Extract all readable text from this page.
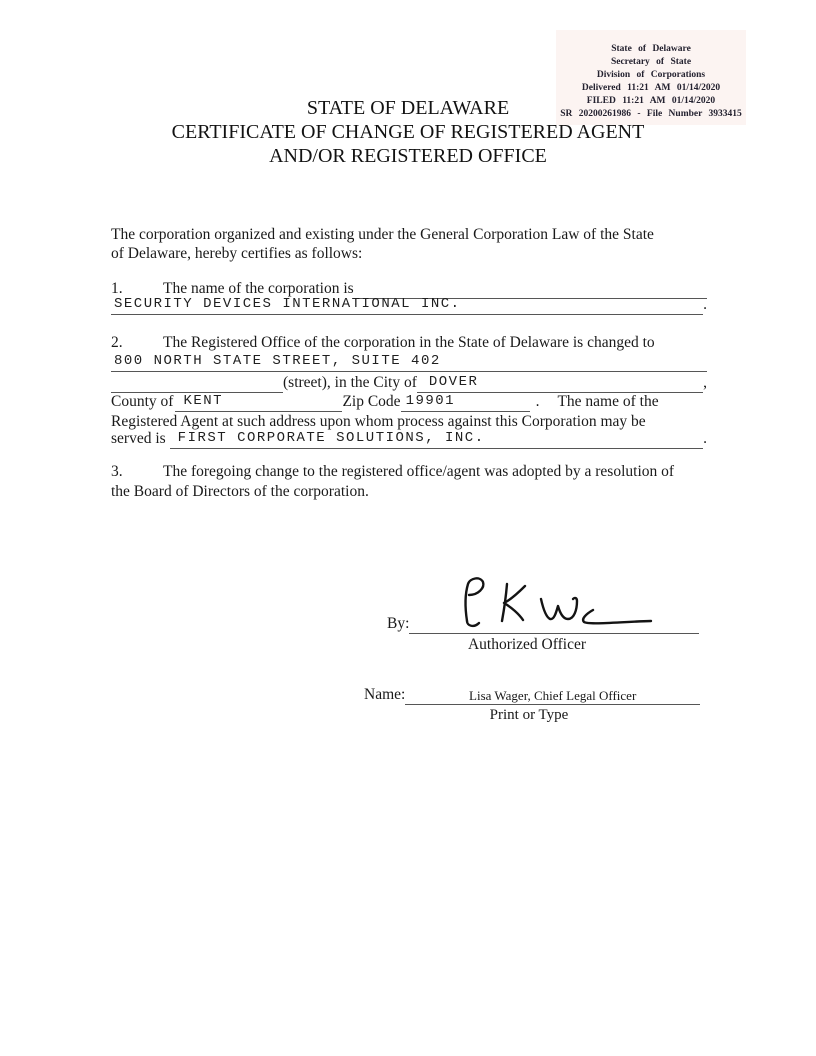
State of Delaware
Secretary of State
Division of Corporations
Delivered 11:21 AM 01/14/2020
FILED 11:21 AM 01/14/2020
SR 20200261986 - File Number 3933415
STATE OF DELAWARE
CERTIFICATE OF CHANGE OF REGISTERED AGENT
AND/OR REGISTERED OFFICE
The corporation organized and existing under the General Corporation Law of the State
of Delaware, hereby certifies as follows:
1.	The name of the corporation is
SECURITY DEVICES INTERNATIONAL INC.	.
2.	The Registered Office of the corporation in the State of Delaware is changed to
800 NORTH STATE STREET, SUITE 402
(street), in the City of DOVER	,
County of KENT	Zip Code 19901	. The name of the
Registered Agent at such address upon whom process against this Corporation may be
served is FIRST CORPORATE SOLUTIONS, INC.	.
3.	The foregoing change to the registered office/agent was adopted by a resolution of
the Board of Directors of the corporation.
By:
Authorized Officer
Name:	Lisa Wager, Chief Legal Officer
Print or Type
